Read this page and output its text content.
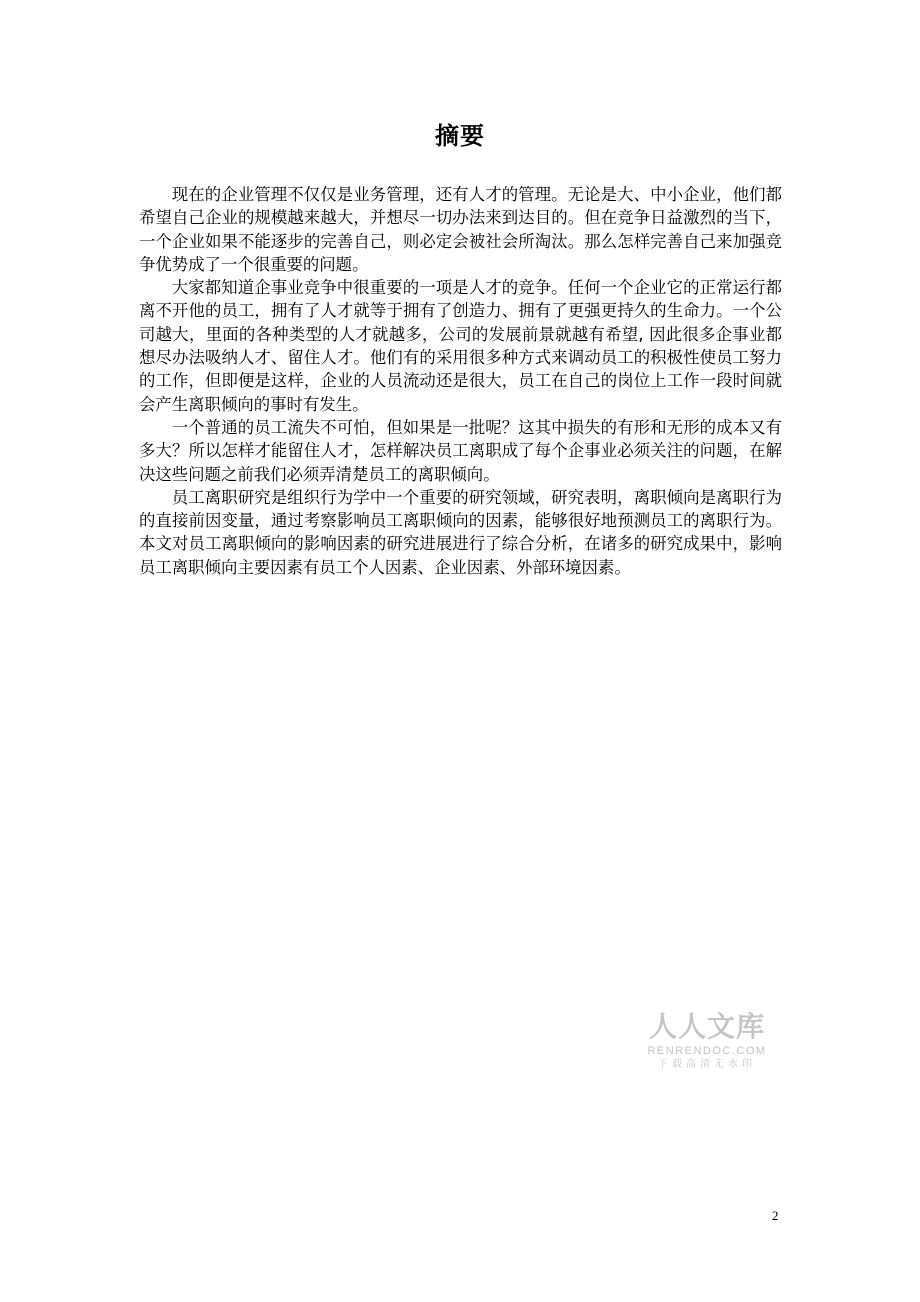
摘要

现在的企业管理不仅仅是业务管理，还有人才的管理。无论是大、中小企业，他们都希望自己企业的规模越来越大，并想尽一切办法来到达目的。但在竞争日益激烈的当下，一个企业如果不能逐步的完善自己，则必定会被社会所淘汰。那么怎样完善自己来加强竞争优势成了一个很重要的问题。

大家都知道企事业竞争中很重要的一项是人才的竞争。任何一个企业它的正常运行都离不开他的员工，拥有了人才就等于拥有了创造力、拥有了更强更持久的生命力。一个公司越大，里面的各种类型的人才就越多，公司的发展前景就越有希望, 因此很多企事业都想尽办法吸纳人才、留住人才。他们有的采用很多种方式来调动员工的积极性使员工努力的工作，但即便是这样，企业的人员流动还是很大，员工在自己的岗位上工作一段时间就会产生离职倾向的事时有发生。

一个普通的员工流失不可怕，但如果是一批呢？这其中损失的有形和无形的成本又有多大？所以怎样才能留住人才，怎样解决员工离职成了每个企事业必须关注的问题，在解决这些问题之前我们必须弄清楚员工的离职倾向。

员工离职研究是组织行为学中一个重要的研究领域，研究表明，离职倾向是离职行为的直接前因变量，通过考察影响员工离职倾向的因素，能够很好地预测员工的离职行为。本文对员工离职倾向的影响因素的研究进展进行了综合分析，在诸多的研究成果中，影响员工离职倾向主要因素有员工个人因素、企业因素、外部环境因素。

人人文库
RENRENDOC.COM
下载高清无水印
2
